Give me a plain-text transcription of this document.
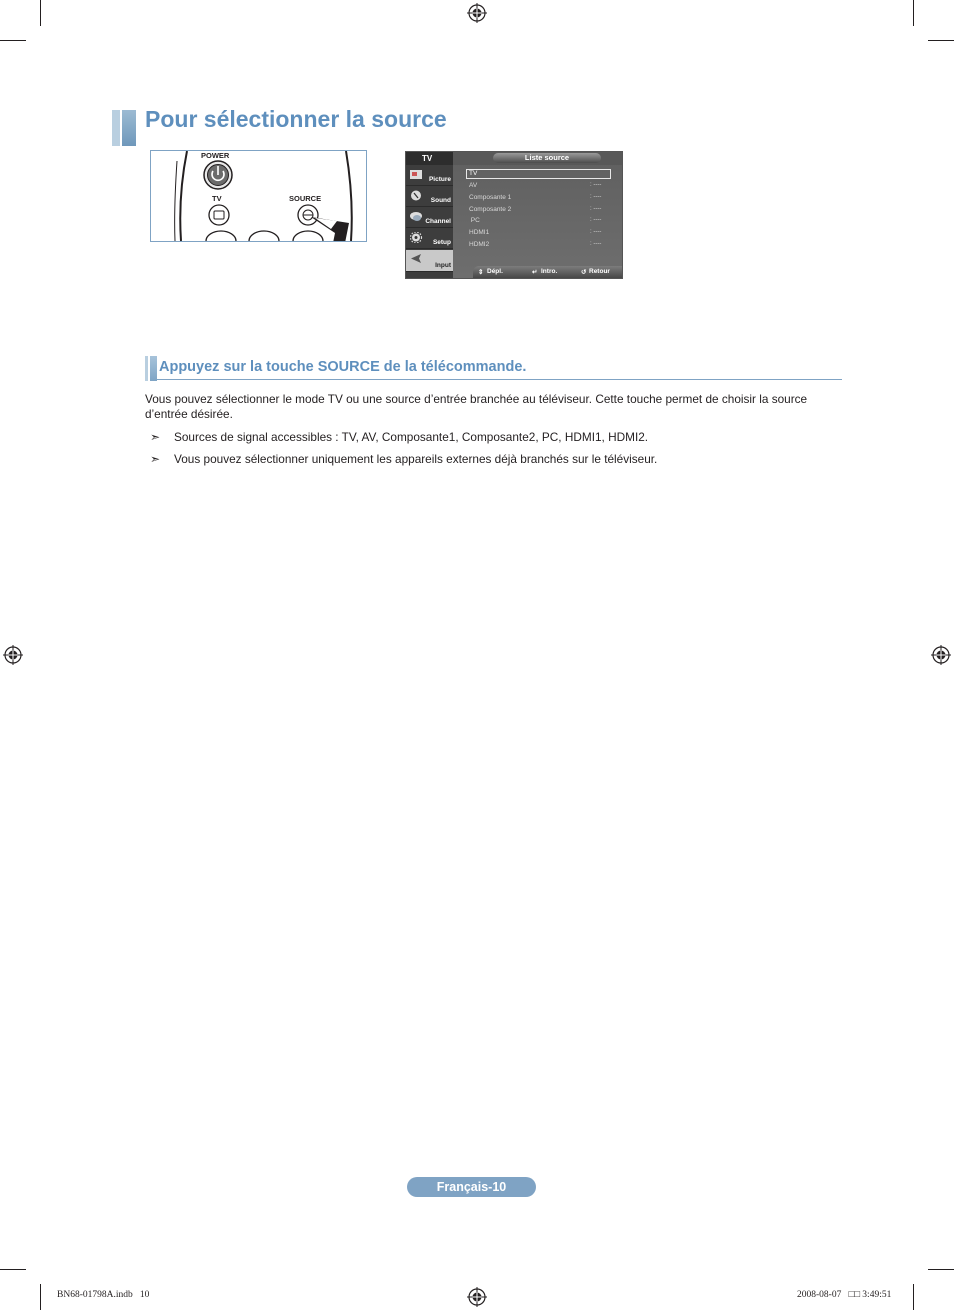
Pour sélectionner la source
POWER
TV	SOURCE
TV
Picture
Sound
Channel
Setup
Input
Liste source
TV
AV	: ----
Composante 1	: ----
Composante 2	: ----
PC	: ----
HDMI1	: ----
HDMI2	: ----
⇕ Dépl.	↵ Intro.	↺ Retour
Appuyez sur la touche SOURCE de la télécommande.
Vous pouvez sélectionner le mode TV ou une source d’entrée branchée au téléviseur. Cette touche permet de choisir la source d’entrée désirée.
➣ Sources de signal accessibles : TV, AV, Composante1, Composante2, PC, HDMI1, HDMI2.
➣ Vous pouvez sélectionner uniquement les appareils externes déjà branchés sur le téléviseur.
Français-10
BN68-01798A.indb   10	2008-08-07   □□ 3:49:51
